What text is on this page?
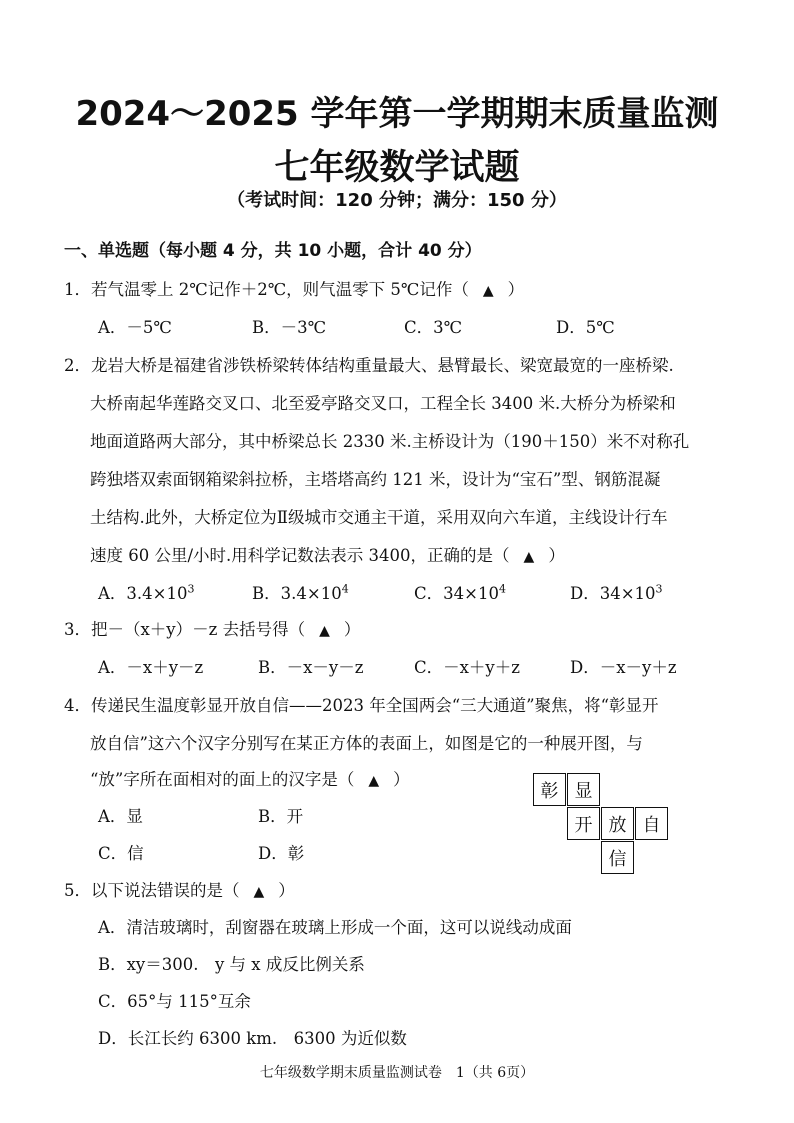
2024～2025 学年第一学期期末质量监测
七年级数学试题
（考试时间：120 分钟；满分：150 分）
一、单选题（每小题 4 分，共 10 小题，合计 40 分）
1．若气温零上 2℃记作＋2℃，则气温零下 5℃记作（ ▲ ）
A．－5℃	B．－3℃	C．3℃	D．5℃
2．龙岩大桥是福建省涉铁桥梁转体结构重量最大、悬臂最长、梁宽最宽的一座桥梁.
大桥南起华莲路交叉口、北至爱亭路交叉口，工程全长 3400 米.大桥分为桥梁和
地面道路两大部分，其中桥梁总长 2330 米.主桥设计为（190＋150）米不对称孔
跨独塔双索面钢箱梁斜拉桥，主塔塔高约 121 米，设计为“宝石”型、钢筋混凝
土结构.此外，大桥定位为Ⅱ级城市交通主干道，采用双向六车道，主线设计行车
速度 60 公里/小时.用科学记数法表示 3400，正确的是（ ▲ ）
A．$3.4\times 10^3$	B．$3.4\times 10^4$	C．$34\times 10^4$	D．$34\times 10^3$
3．把－（x＋y）－z 去括号得（ ▲ ）
A．－x＋y－z	B．－x－y－z	C．－x＋y＋z	D．－x－y＋z
4．传递民生温度彰显开放自信——2023 年全国两会“三大通道”聚焦，将“彰显开
放自信”这六个汉字分别写在某正方体的表面上，如图是它的一种展开图，与
“放”字所在面相对的面上的汉字是（ ▲ ）
A．显	B．开
C．信	D．彰
彰 显
开 放 自
信
5．以下说法错误的是（ ▲ ）
A．清洁玻璃时，刮窗器在玻璃上形成一个面，这可以说线动成面
B．xy＝300.　y 与 x 成反比例关系
C．65°与 115°互余
D．长江长约 6300 km.　6300 为近似数
七年级数学期末质量监测试卷　1（共 6页）
